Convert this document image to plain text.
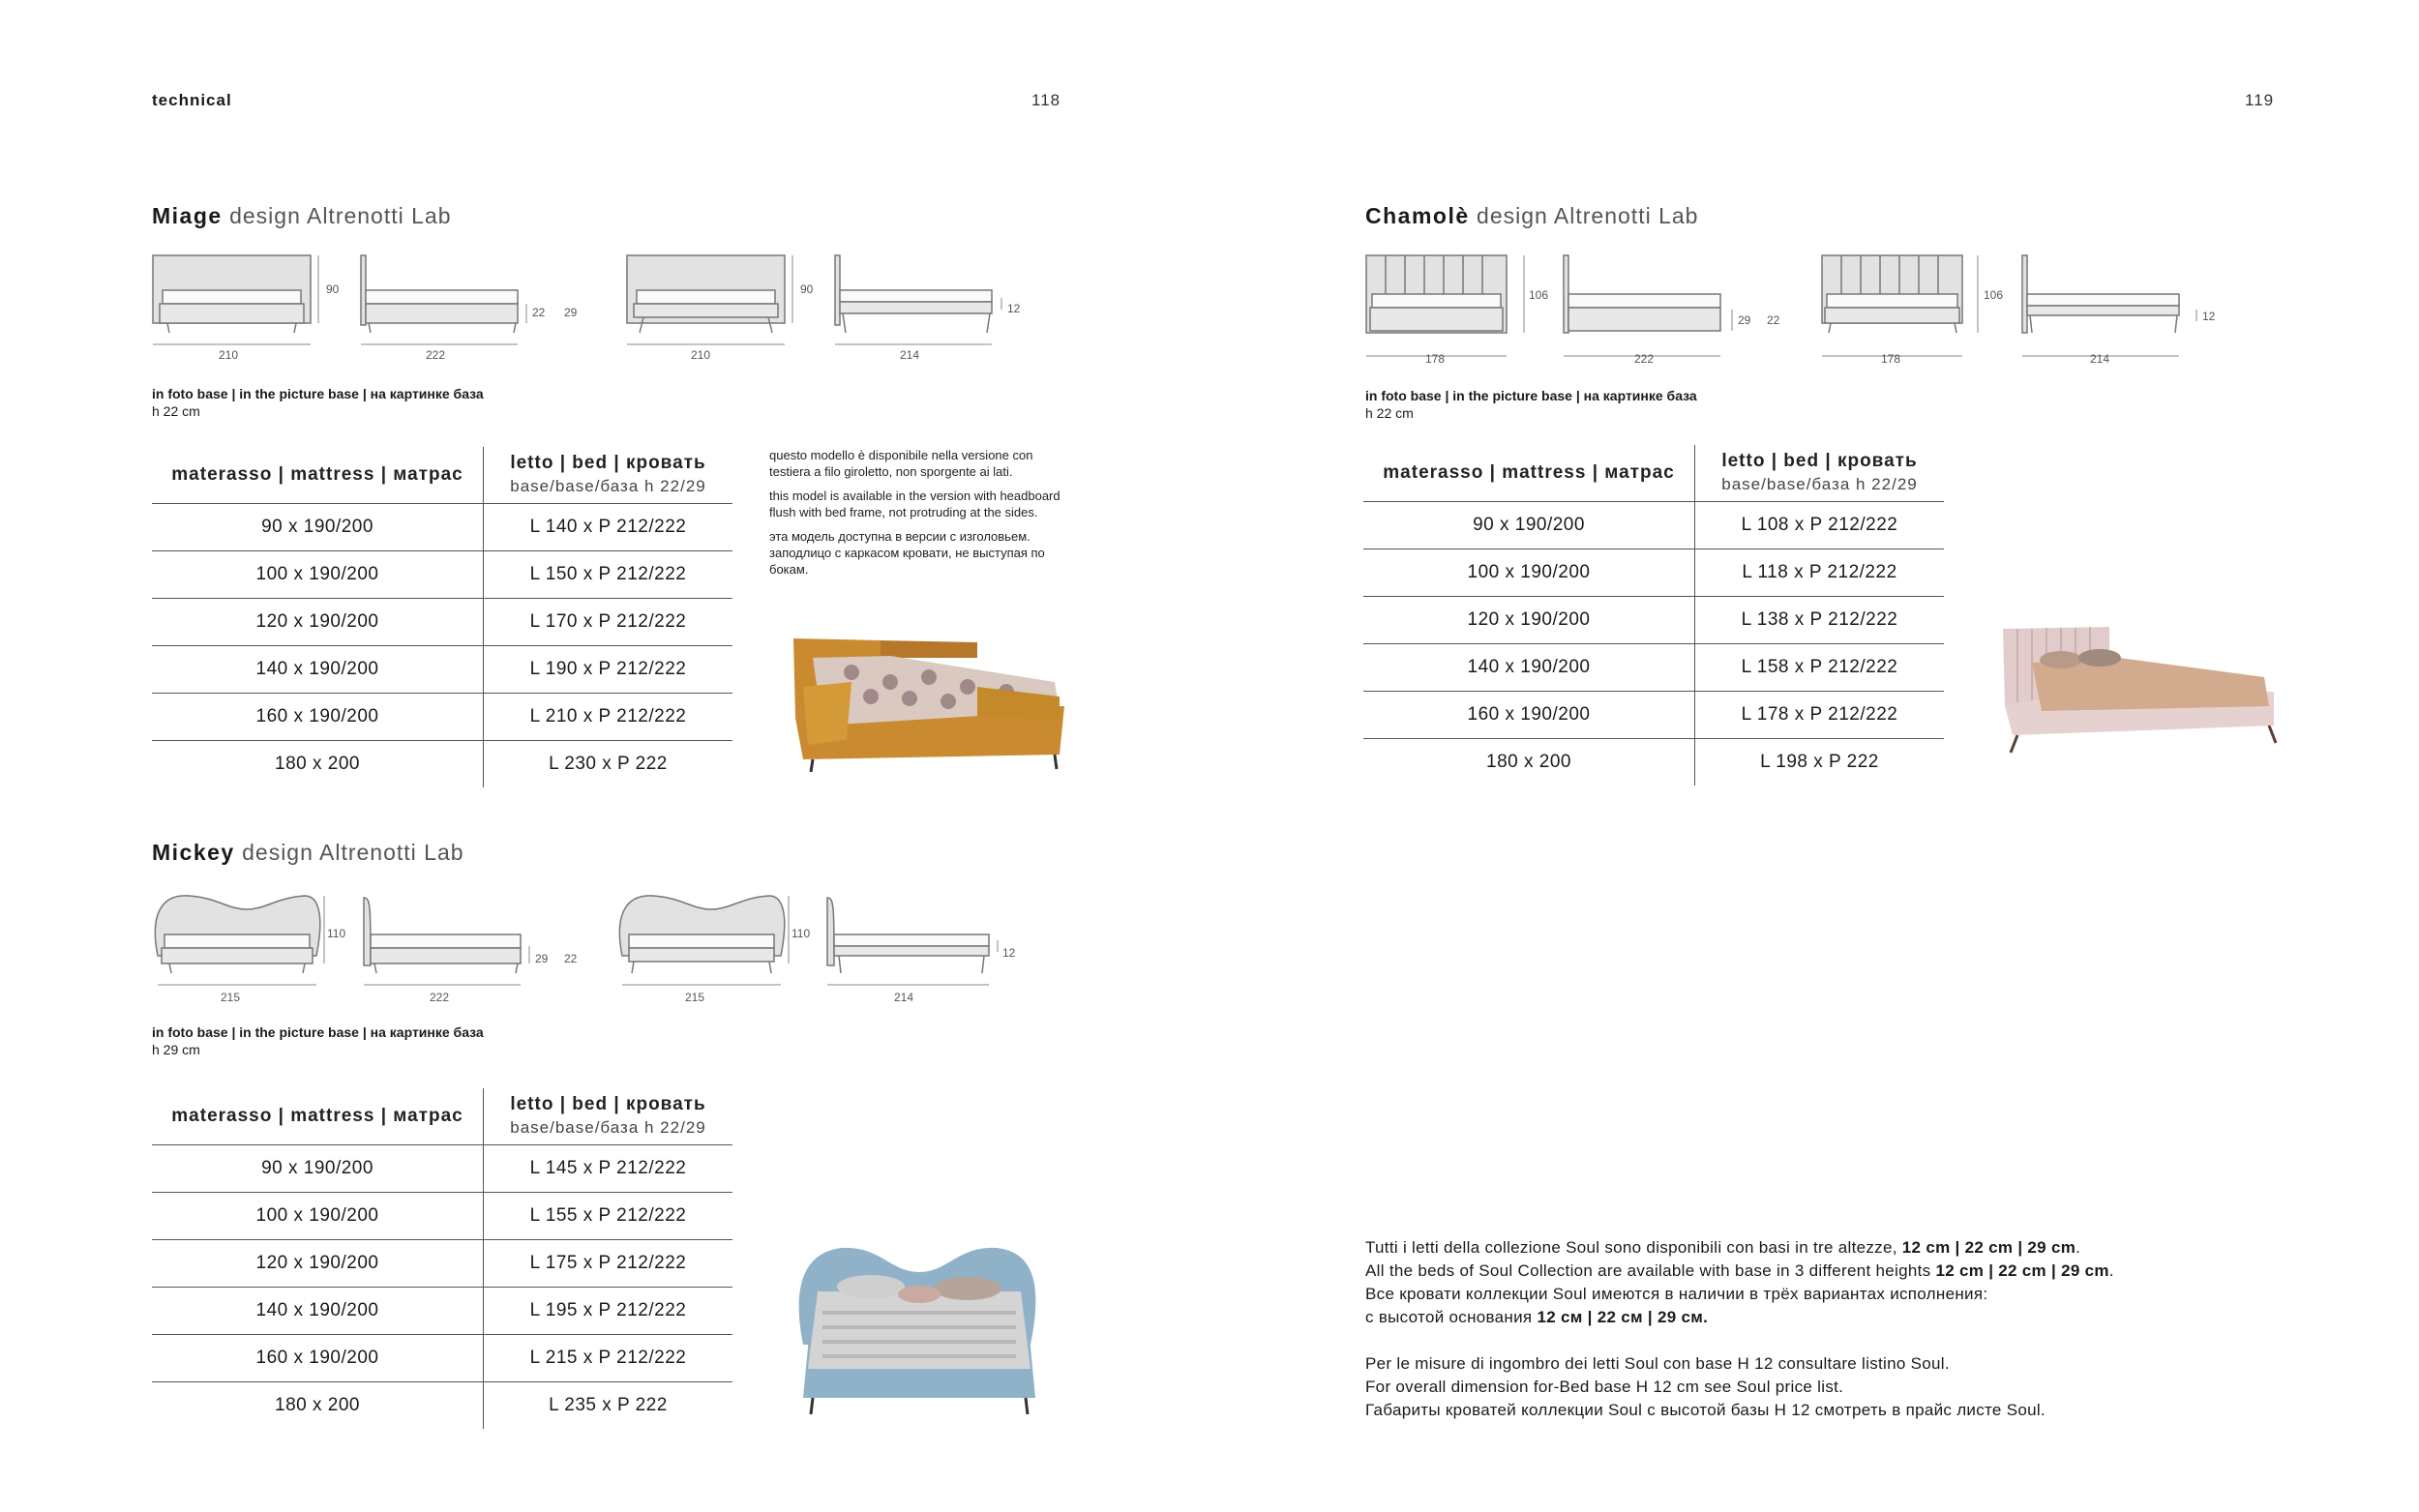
technical	118	119
Miage design Altrenotti Lab
90
22 29
90
12
210	222	210	214
in foto base | in the picture base | на картинке база
h 22 cm
materasso | mattress | матрас	letto | bed | кровать
base/base/база h 22/29

90 x 190/200	L 140 x P 212/222
100 x 190/200	L 150 x P 212/222
120 x 190/200	L 170 x P 212/222
140 x 190/200	L 190 x P 212/222
160 x 190/200	L 210 x P 212/222
180 x 200	L 230 x P 222
questo modello è disponibile nella versione con testiera a filo giroletto, non sporgente ai lati.
this model is available in the version with headboard flush with bed frame, not protruding at the sides.
эта модель доступна в версии с изголовьем. заподлицо с каркасом кровати, не выступая по бокам.
Mickey design Altrenotti Lab
110
29 22
110
12
215	222	215	214
in foto base | in the picture base | на картинке база
h 29 cm
materasso | mattress | матрас	letto | bed | кровать
base/base/база h 22/29

90 x 190/200	L 145 x P 212/222
100 x 190/200	L 155 x P 212/222
120 x 190/200	L 175 x P 212/222
140 x 190/200	L 195 x P 212/222
160 x 190/200	L 215 x P 212/222
180 x 200	L 235 x P 222
Chamolè design Altrenotti Lab
106
29 22
106
12
178	222	178	214
in foto base | in the picture base | на картинке база
h 22 cm
materasso | mattress | матрас	letto | bed | кровать
base/base/база h 22/29

90 x 190/200	L 108 x P 212/222
100 x 190/200	L 118 x P 212/222
120 x 190/200	L 138 x P 212/222
140 x 190/200	L 158 x P 212/222
160 x 190/200	L 178 x P 212/222
180 x 200	L 198 x P 222
Tutti i letti della collezione Soul sono disponibili con basi in tre altezze, 12 cm | 22 cm | 29 cm.
All the beds of Soul Collection are available with base in 3 different heights 12 cm | 22 cm | 29 cm.
Все кровати коллекции Soul имеются в наличии в трёх вариантах исполнения:
с высотой основания 12 см | 22 см | 29 см.
Per le misure di ingombro dei letti Soul con base H 12 consultare listino Soul.
For overall dimension for-Bed base H 12 cm see Soul price list.
Габариты кроватей коллекции Soul с высотой базы Н 12 смотреть в прайс листе Soul.
